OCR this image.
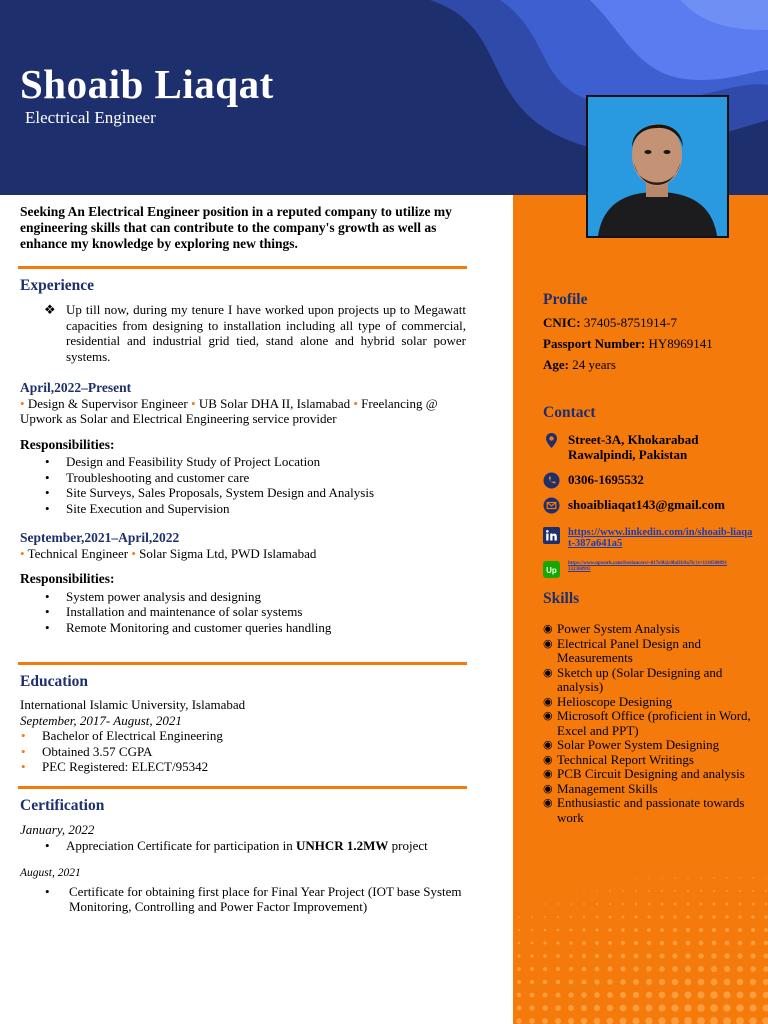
Shoaib Liaqat
Electrical Engineer
Seeking An Electrical Engineer position in a reputed company to utilize my engineering skills that can contribute to the company's growth as well as enhance my knowledge by exploring new things.
Experience
❖ Up till now, during my tenure I have worked upon projects up to Megawatt capacities from designing to installation including all type of commercial, residential and industrial grid tied, stand alone and hybrid solar power systems.
April,2022–Present
• Design & Supervisor Engineer • UB Solar DHA II, Islamabad • Freelancing @ Upwork as Solar and Electrical Engineering service provider
Responsibilities:
• Design and Feasibility Study of Project Location
• Troubleshooting and customer care
• Site Surveys, Sales Proposals, System Design and Analysis
• Site Execution and Supervision
September,2021–April,2022
• Technical Engineer • Solar Sigma Ltd, PWD Islamabad
Responsibilities:
• System power analysis and designing
• Installation and maintenance of solar systems
• Remote Monitoring and customer queries handling
Education
International Islamic University, Islamabad
September, 2017- August, 2021
• Bachelor of Electrical Engineering
• Obtained 3.57 CGPA
• PEC Registered: ELECT/95342
Certification
January, 2022
• Appreciation Certificate for participation in UNHCR 1.2MW project
August, 2021
• Certificate for obtaining first place for Final Year Project (IOT base System Monitoring, Controlling and Power Factor Improvement)
Profile
CNIC: 37405-8751914-7
Passport Number: HY8969141
Age: 24 years
Contact
Street-3A, Khokarabad
Rawalpindi, Pakistan
0306-1695532
shoaibliaqat143@gmail.com
https://www.linkedin.com/in/shoaib-liaqat-387a641a5
Up
https://www.upwork.com/freelancers/~017e9b2c8bd1b9a7fc?s=1110580891332308992
Skills
◉ Power System Analysis
◉ Electrical Panel Design and Measurements
◉ Sketch up (Solar Designing and analysis)
◉ Helioscope Designing
◉ Microsoft Office (proficient in Word, Excel and PPT)
◉ Solar Power System Designing
◉ Technical Report Writings
◉ PCB Circuit Designing and analysis
◉ Management Skills
◉ Enthusiastic and passionate towards work
